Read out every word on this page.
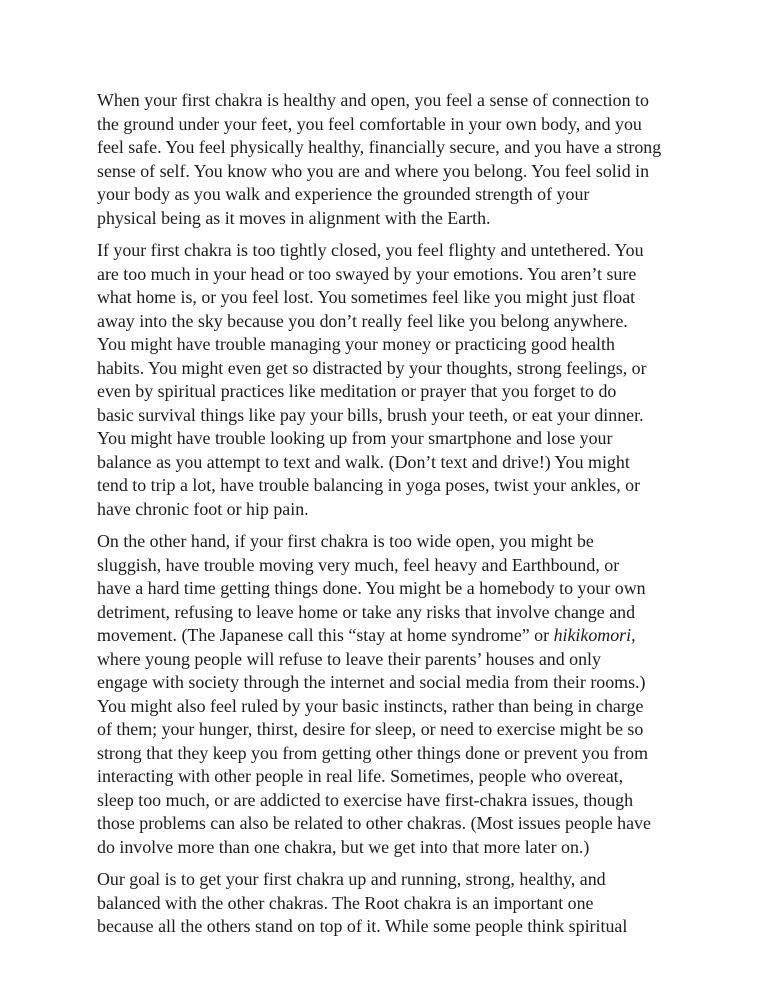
When your first chakra is healthy and open, you feel a sense of connection to
the ground under your feet, you feel comfortable in your own body, and you
feel safe. You feel physically healthy, financially secure, and you have a strong
sense of self. You know who you are and where you belong. You feel solid in
your body as you walk and experience the grounded strength of your
physical being as it moves in alignment with the Earth.

If your first chakra is too tightly closed, you feel flighty and untethered. You
are too much in your head or too swayed by your emotions. You aren’t sure
what home is, or you feel lost. You sometimes feel like you might just float
away into the sky because you don’t really feel like you belong anywhere.
You might have trouble managing your money or practicing good health
habits. You might even get so distracted by your thoughts, strong feelings, or
even by spiritual practices like meditation or prayer that you forget to do
basic survival things like pay your bills, brush your teeth, or eat your dinner.
You might have trouble looking up from your smartphone and lose your
balance as you attempt to text and walk. (Don’t text and drive!) You might
tend to trip a lot, have trouble balancing in yoga poses, twist your ankles, or
have chronic foot or hip pain.

On the other hand, if your first chakra is too wide open, you might be
sluggish, have trouble moving very much, feel heavy and Earthbound, or
have a hard time getting things done. You might be a homebody to your own
detriment, refusing to leave home or take any risks that involve change and
movement. (The Japanese call this “stay at home syndrome” or hikikomori,
where young people will refuse to leave their parents’ houses and only
engage with society through the internet and social media from their rooms.)
You might also feel ruled by your basic instincts, rather than being in charge
of them; your hunger, thirst, desire for sleep, or need to exercise might be so
strong that they keep you from getting other things done or prevent you from
interacting with other people in real life. Sometimes, people who overeat,
sleep too much, or are addicted to exercise have first-chakra issues, though
those problems can also be related to other chakras. (Most issues people have
do involve more than one chakra, but we get into that more later on.)

Our goal is to get your first chakra up and running, strong, healthy, and
balanced with the other chakras. The Root chakra is an important one
because all the others stand on top of it. While some people think spiritual
